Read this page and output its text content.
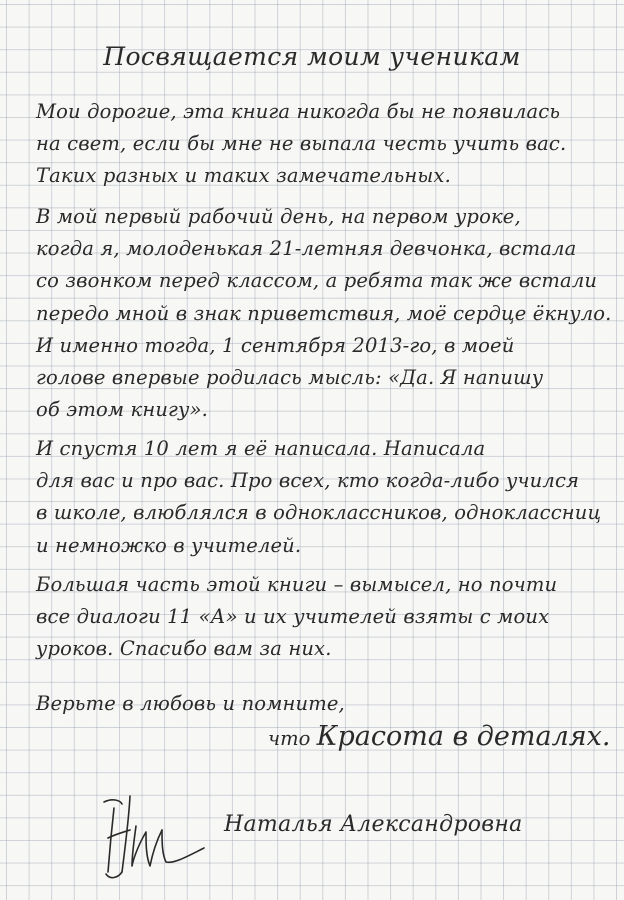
Посвящается моим ученикам
Мои дорогие, эта книга никогда бы не появилась
на свет, если бы мне не выпала честь учить вас.
Таких разных и таких замечательных.
В мой первый рабочий день, на первом уроке,
когда я, молоденькая 21-летняя девчонка, встала
со звонком перед классом, а ребята так же встали
передо мной в знак приветствия, моё сердце ёкнуло.
И именно тогда, 1 сентября 2013-го, в моей
голове впервые родилась мысль: «Да. Я напишу
об этом книгу».
И спустя 10 лет я её написала. Написала
для вас и про вас. Про всех, кто когда-либо учился
в школе, влюблялся в одноклассников, одноклассниц
и немножко в учителей.
Большая часть этой книги – вымысел, но почти
все диалоги 11 «А» и их учителей взяты с моих
уроков. Спасибо вам за них.
Верьте в любовь и помните,
что Красота в деталях.
Наталья Александровна
